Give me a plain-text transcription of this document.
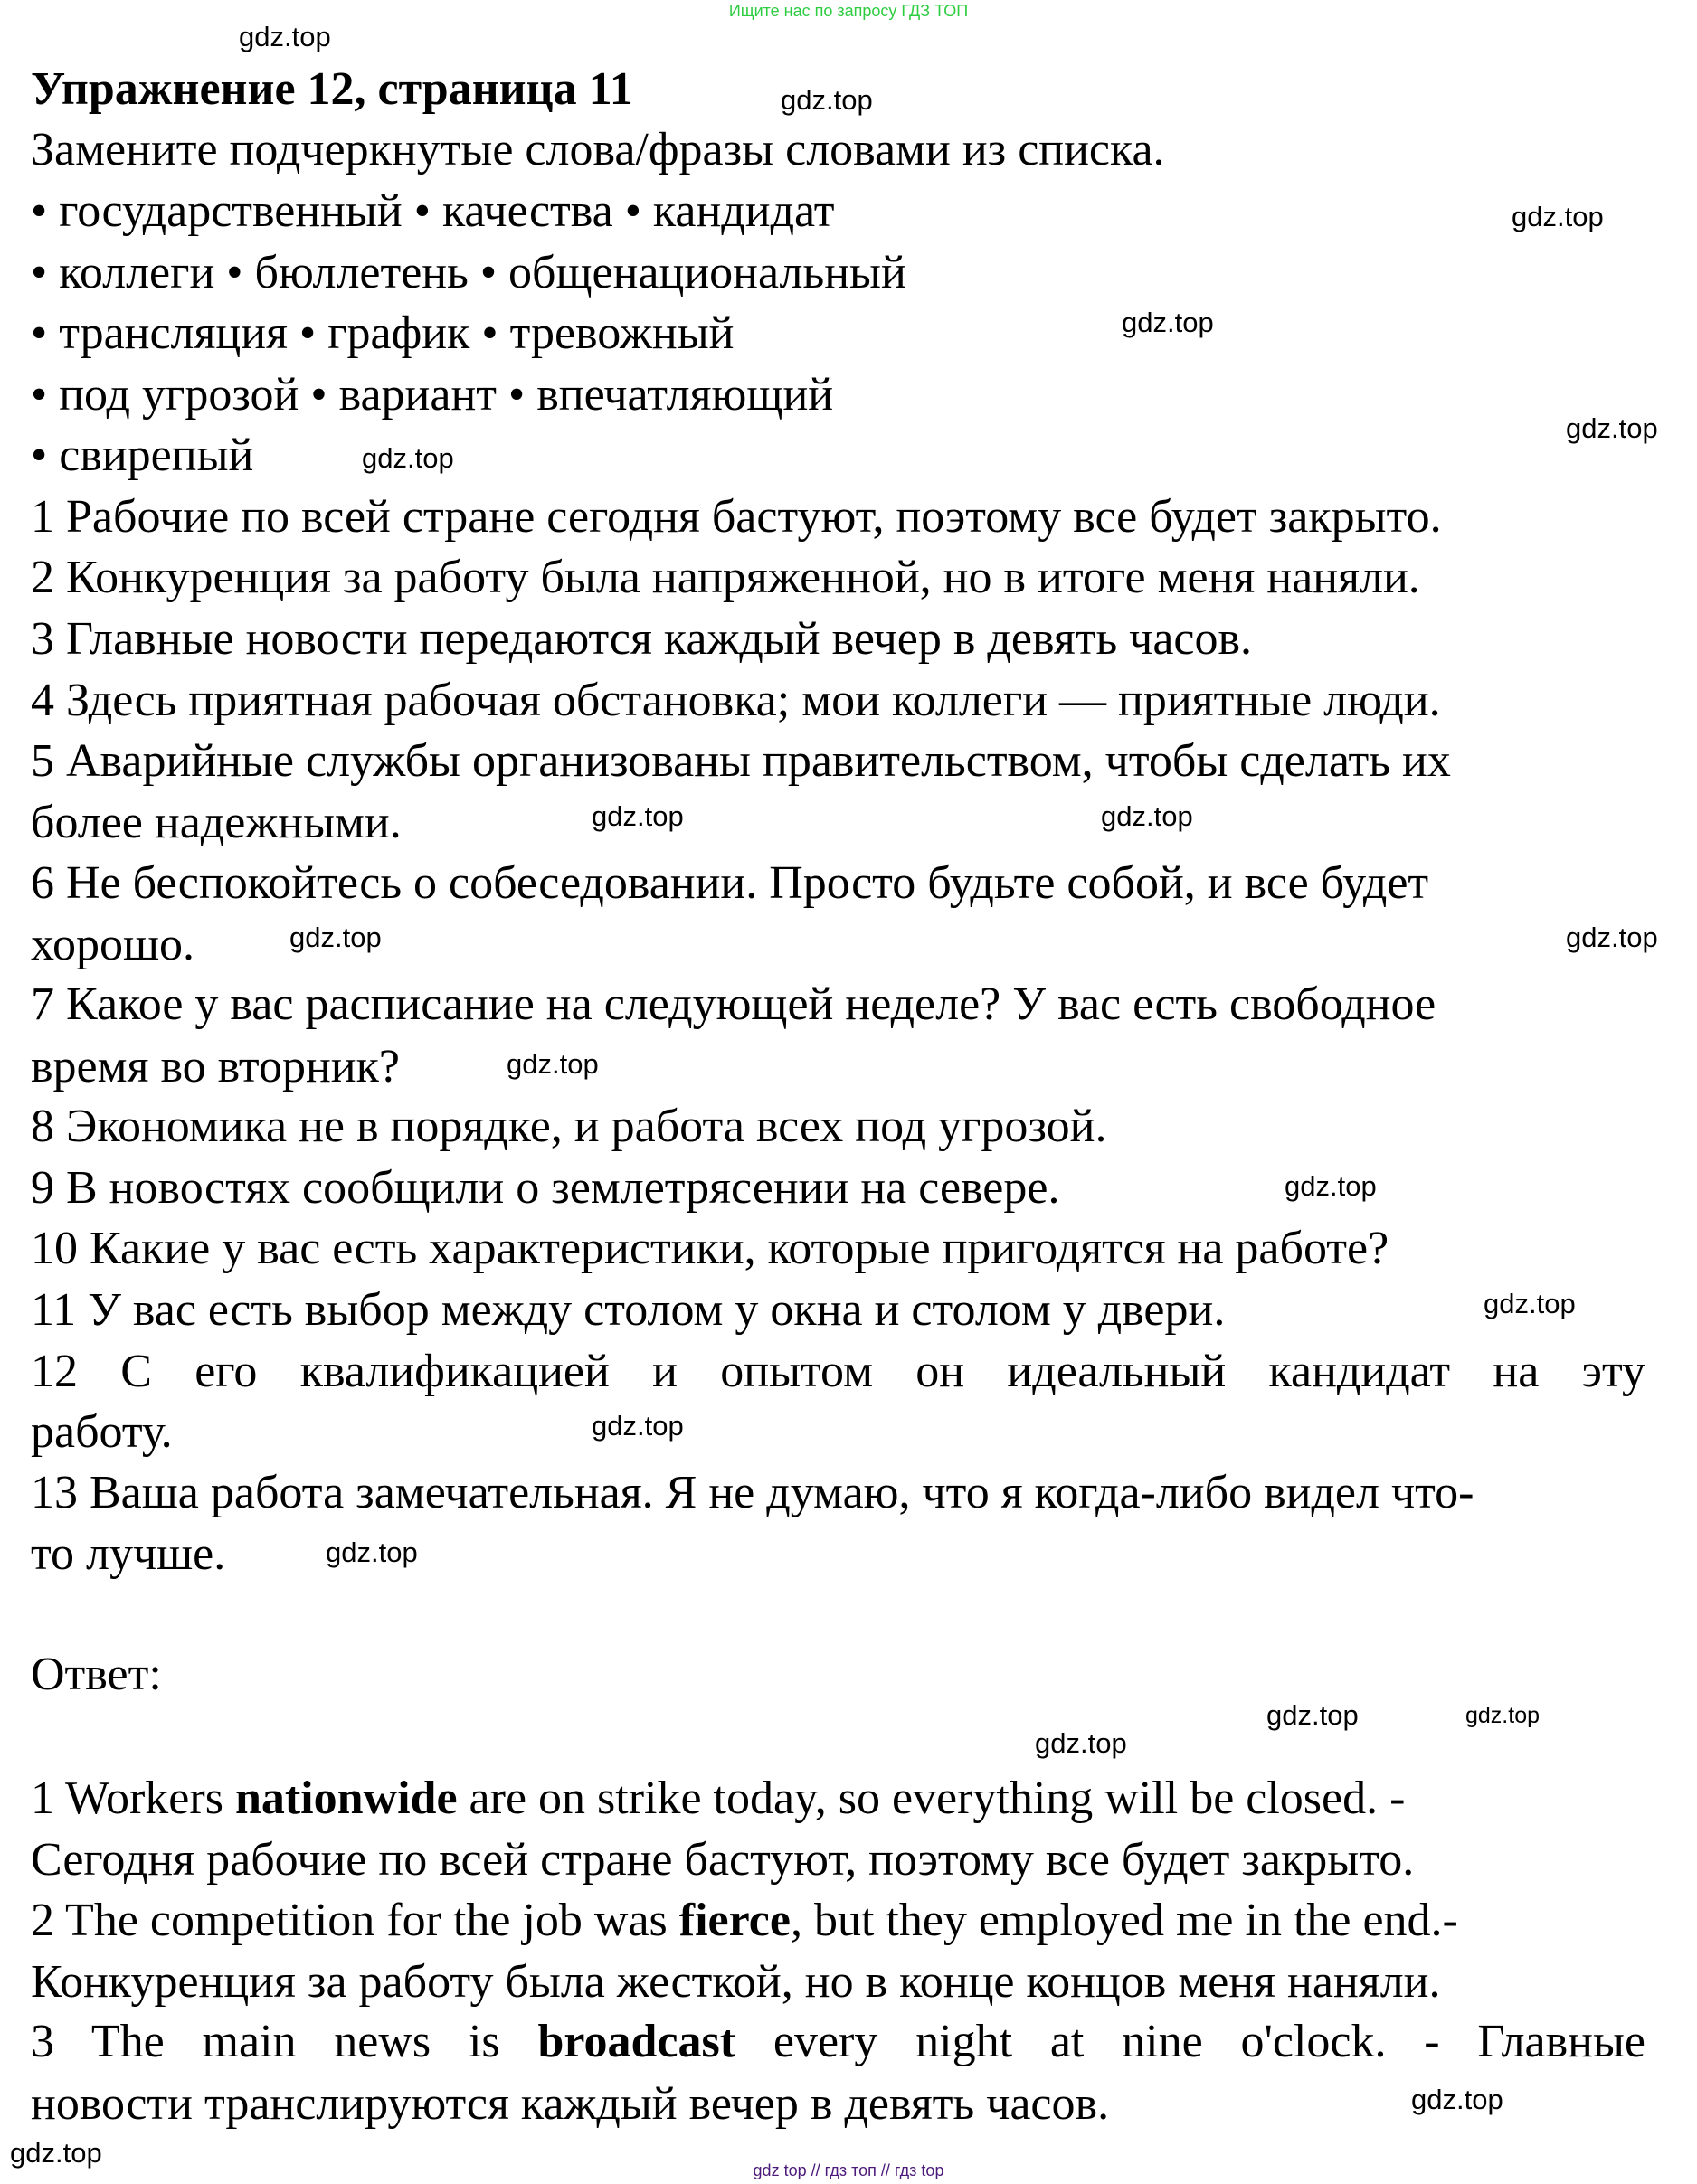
Ищите нас по запросу ГДЗ ТОП
Упражнение 12, страница 11
Замените подчеркнутые слова/фразы словами из списка.
• государственный • качества • кандидат
• коллеги • бюллетень • общенациональный
• трансляция • график • тревожный
• под угрозой • вариант • впечатляющий
• свирепый
1 Рабочие по всей стране сегодня бастуют, поэтому все будет закрыто.
2 Конкуренция за работу была напряженной, но в итоге меня наняли.
3 Главные новости передаются каждый вечер в девять часов.
4 Здесь приятная рабочая обстановка; мои коллеги — приятные люди.
5 Аварийные службы организованы правительством, чтобы сделать их
более надежными.
6 Не беспокойтесь о собеседовании. Просто будьте собой, и все будет
хорошо.
7 Какое у вас расписание на следующей неделе? У вас есть свободное
время во вторник?
8 Экономика не в порядке, и работа всех под угрозой.
9 В новостях сообщили о землетрясении на севере.
10 Какие у вас есть характеристики, которые пригодятся на работе?
11 У вас есть выбор между столом у окна и столом у двери.
12 С его квалификацией и опытом он идеальный кандидат на эту
работу.
13 Ваша работа замечательная. Я не думаю, что я когда-либо видел что-
то лучше.
Ответ:
1 Workers nationwide are on strike today, so everything will be closed. -
Сегодня рабочие по всей стране бастуют, поэтому все будет закрыто.
2 The competition for the job was fierce, but they employed me in the end.-
Конкуренция за работу была жесткой, но в конце концов меня наняли.
3 The main news is broadcast every night at nine o'clock. - Главные
новости транслируются каждый вечер в девять часов.
gdz.top
gdz.top
gdz.top
gdz.top
gdz.top
gdz.top
gdz.top	gdz.top
gdz.top	gdz.top
gdz.top
gdz.top
gdz.top
gdz.top
gdz.top
gdz.top
gdz.top	gdz.top
gdz.top
gdz.top
gdz top // гдз топ // гдз top
